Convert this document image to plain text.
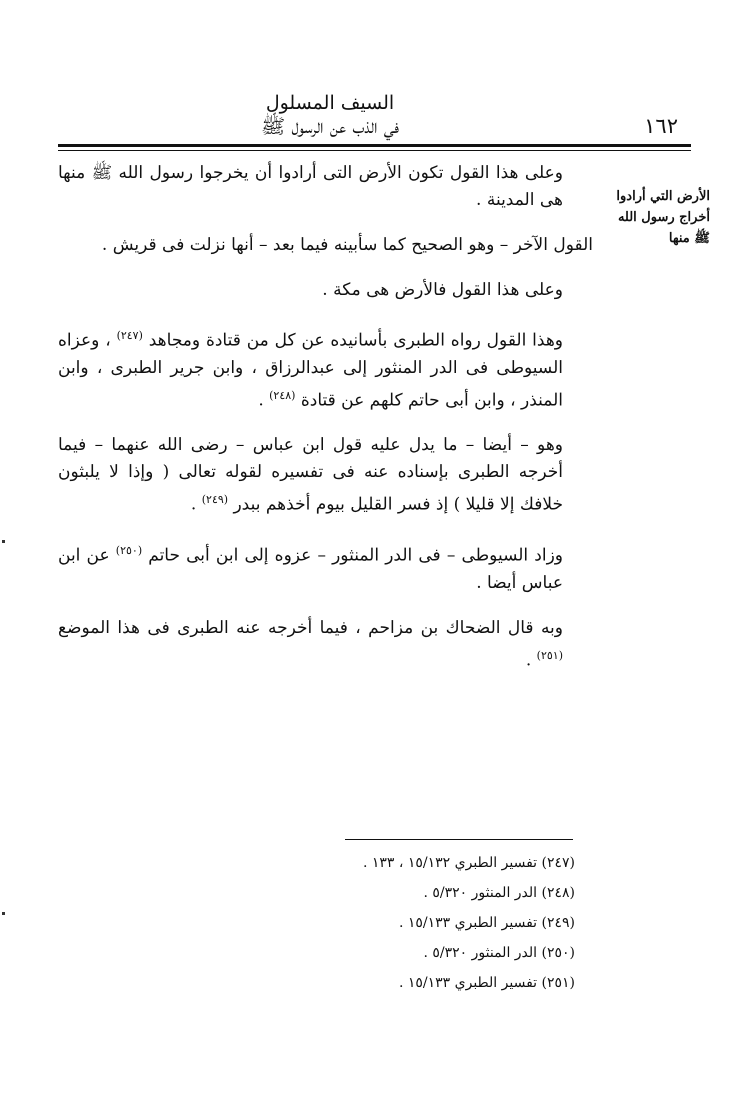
السيف المسلول
في الذب عن الرسول ﷺ	١٦٢
الأرض التي أرادوا أخراج رسول الله ﷺ منها

وعلى هذا القول تكون الأرض التى أرادوا أن يخرجوا رسول الله ﷺ منها هى المدينة .

القول الآخر – وهو الصحيح كما سأبينه فيما بعد – أنها نزلت فى قريش .

وعلى هذا القول فالأرض هى مكة .

وهذا القول رواه الطبرى بأسانيده عن كل من قتادة ومجاهد $^{(٢٤٧)}$ ، وعزاه السيوطى فى الدر المنثور إلى عبدالرزاق ، وابن جرير الطبرى ، وابن المنذر ، وابن أبى حاتم كلهم عن قتادة $^{(٢٤٨)}$ .

وهو – أيضا – ما يدل عليه قول ابن عباس – رضى الله عنهما – فيما أخرجه الطبرى بإسناده عنه فى تفسيره لقوله تعالى ( وإذا لا يلبثون خلافك إلا قليلا ) إذ فسر القليل بيوم أخذهم ببدر $^{(٢٤٩)}$ .

وزاد السيوطى – فى الدر المنثور – عزوه إلى ابن أبى حاتم $^{(٢٥٠)}$ عن ابن عباس أيضا .

وبه قال الضحاك بن مزاحم ، فيما أخرجه عنه الطبرى فى هذا الموضع $^{(٢٥١)}$ .

(٢٤٧) تفسير الطبري ١٥/١٣٢ ، ١٣٣ .
(٢٤٨) الدر المنثور ٥/٣٢٠ .
(٢٤٩) تفسير الطبري ١٥/١٣٣ .
(٢٥٠) الدر المنثور ٥/٣٢٠ .
(٢٥١) تفسير الطبري ١٥/١٣٣ .
